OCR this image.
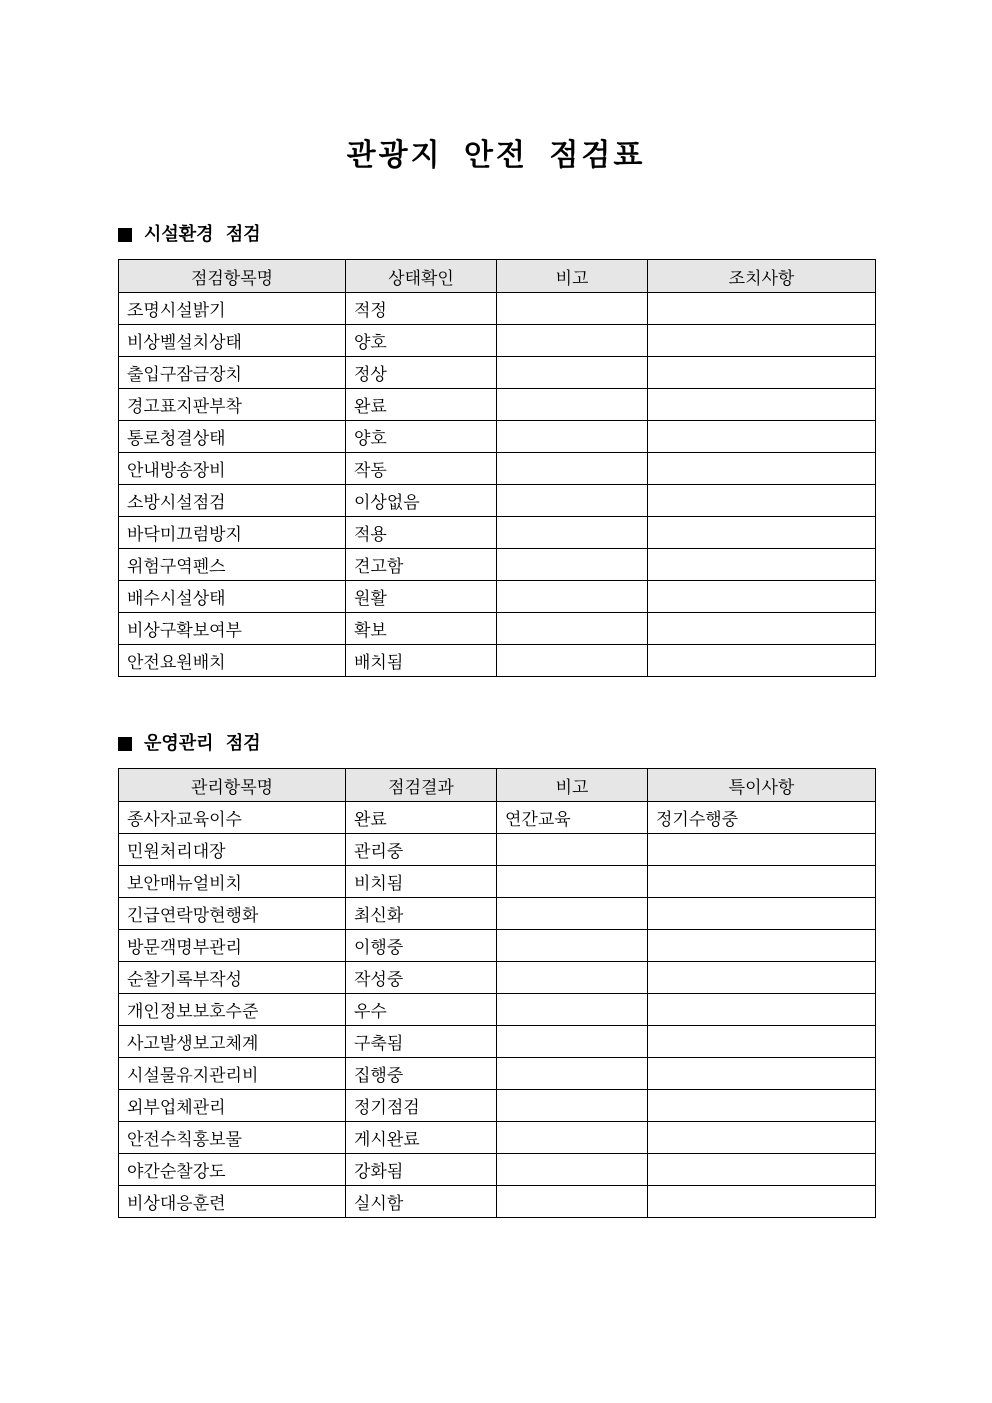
관광지 안전 점검표
시설환경 점검
점검항목명	상태확인	비고	조치사항
조명시설밝기	적정		
비상벨설치상태	양호		
출입구잠금장치	정상		
경고표지판부착	완료		
통로청결상태	양호		
안내방송장비	작동		
소방시설점검	이상없음		
바닥미끄럼방지	적용		
위험구역펜스	견고함		
배수시설상태	원활		
비상구확보여부	확보		
안전요원배치	배치됨		
운영관리 점검
관리항목명	점검결과	비고	특이사항
종사자교육이수	완료	연간교육	정기수행중
민원처리대장	관리중		
보안매뉴얼비치	비치됨		
긴급연락망현행화	최신화		
방문객명부관리	이행중		
순찰기록부작성	작성중		
개인정보보호수준	우수		
사고발생보고체계	구축됨		
시설물유지관리비	집행중		
외부업체관리	정기점검		
안전수칙홍보물	게시완료		
야간순찰강도	강화됨		
비상대응훈련	실시함		
